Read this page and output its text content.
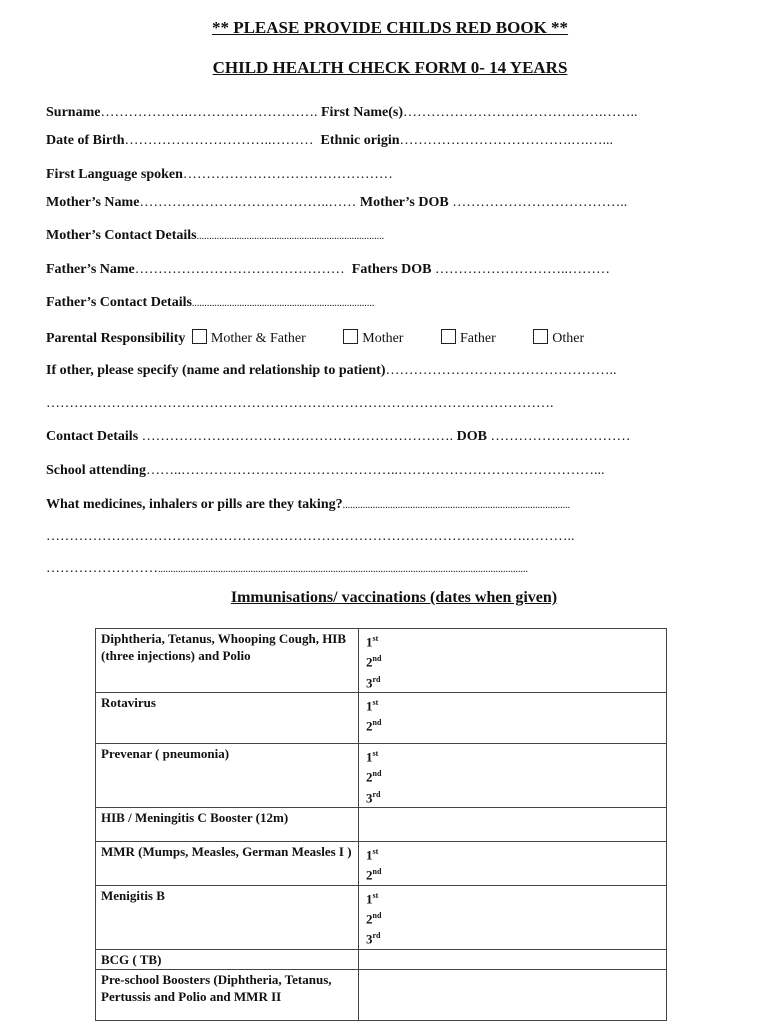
** PLEASE PROVIDE CHILDS RED BOOK **
CHILD HEALTH CHECK FORM 0- 14 YEARS
Surname……………….………………………. First Name(s)…………………………………….……..
Date of Birth…………………………..……… Ethnic origin……………………………….….…...
First Language spoken………………………………………
Mother’s Name…………………………………..…… Mother’s DOB ………………………………..
Mother’s Contact Details...........................................................................
Father’s Name……………………………………… Fathers DOB ………………………..………
Father’s Contact Details.........................................................................
Parental Responsibility Mother & Father	Mother	Father	Other
If other, please specify (name and relationship to patient)…………………………………………..
……………………………………………………………………………………………….
Contact Details …………………………………………………………. DOB …………………………
School attending……..………………………………………..……………………………………...
What medicines, inhalers or pills are they taking?...........................................................................................
………………………………………………………………………………………….………..
……………………....................................................................................................................................................
Immunisations/ vaccinations (dates when given)
Diphtheria, Tetanus, Whooping Cough, HIB (three injections) and Polio	1st
2nd
3rd

Rotavirus	1st
2nd

Prevenar ( pneumonia)	1st
2nd
3rd

HIB / Meningitis C Booster (12m)	
MMR (Mumps, Measles, German Measles I )	1st
2nd

Menigitis B	1st
2nd
3rd

BCG ( TB)	
Pre-school Boosters (Diphtheria, Tetanus, Pertussis and Polio and MMR II	
